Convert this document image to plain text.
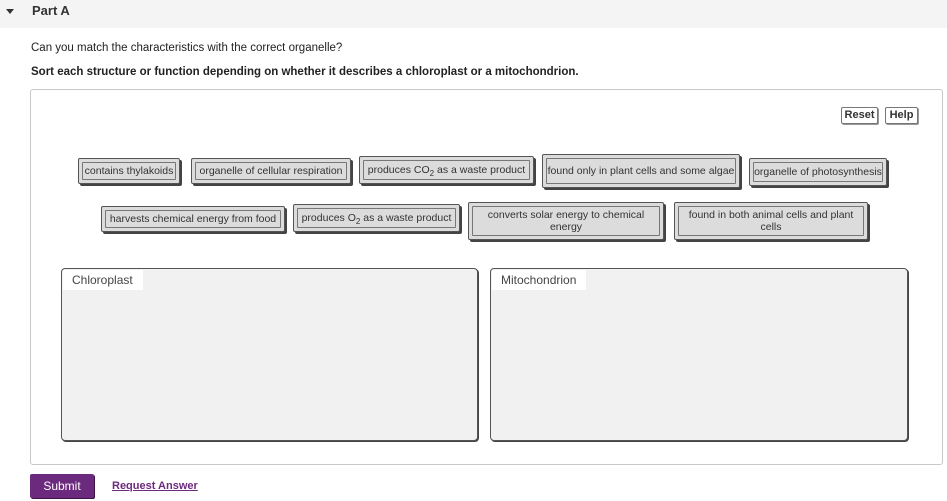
Part A
Can you match the characteristics with the correct organelle?
Sort each structure or function depending on whether it describes a chloroplast or a mitochondrion.
Reset	Help
contains thylakoids organelle of cellular respiration produces $CO_2$ as a waste product found only in plant cells and some algae organelle of photosynthesis
harvests chemical energy from food produces $O_2$ as a waste product	converts solar energy to chemical energy
found in both animal cells and plant cells
Chloroplast	Mitochondrion
Submit	Request Answer
